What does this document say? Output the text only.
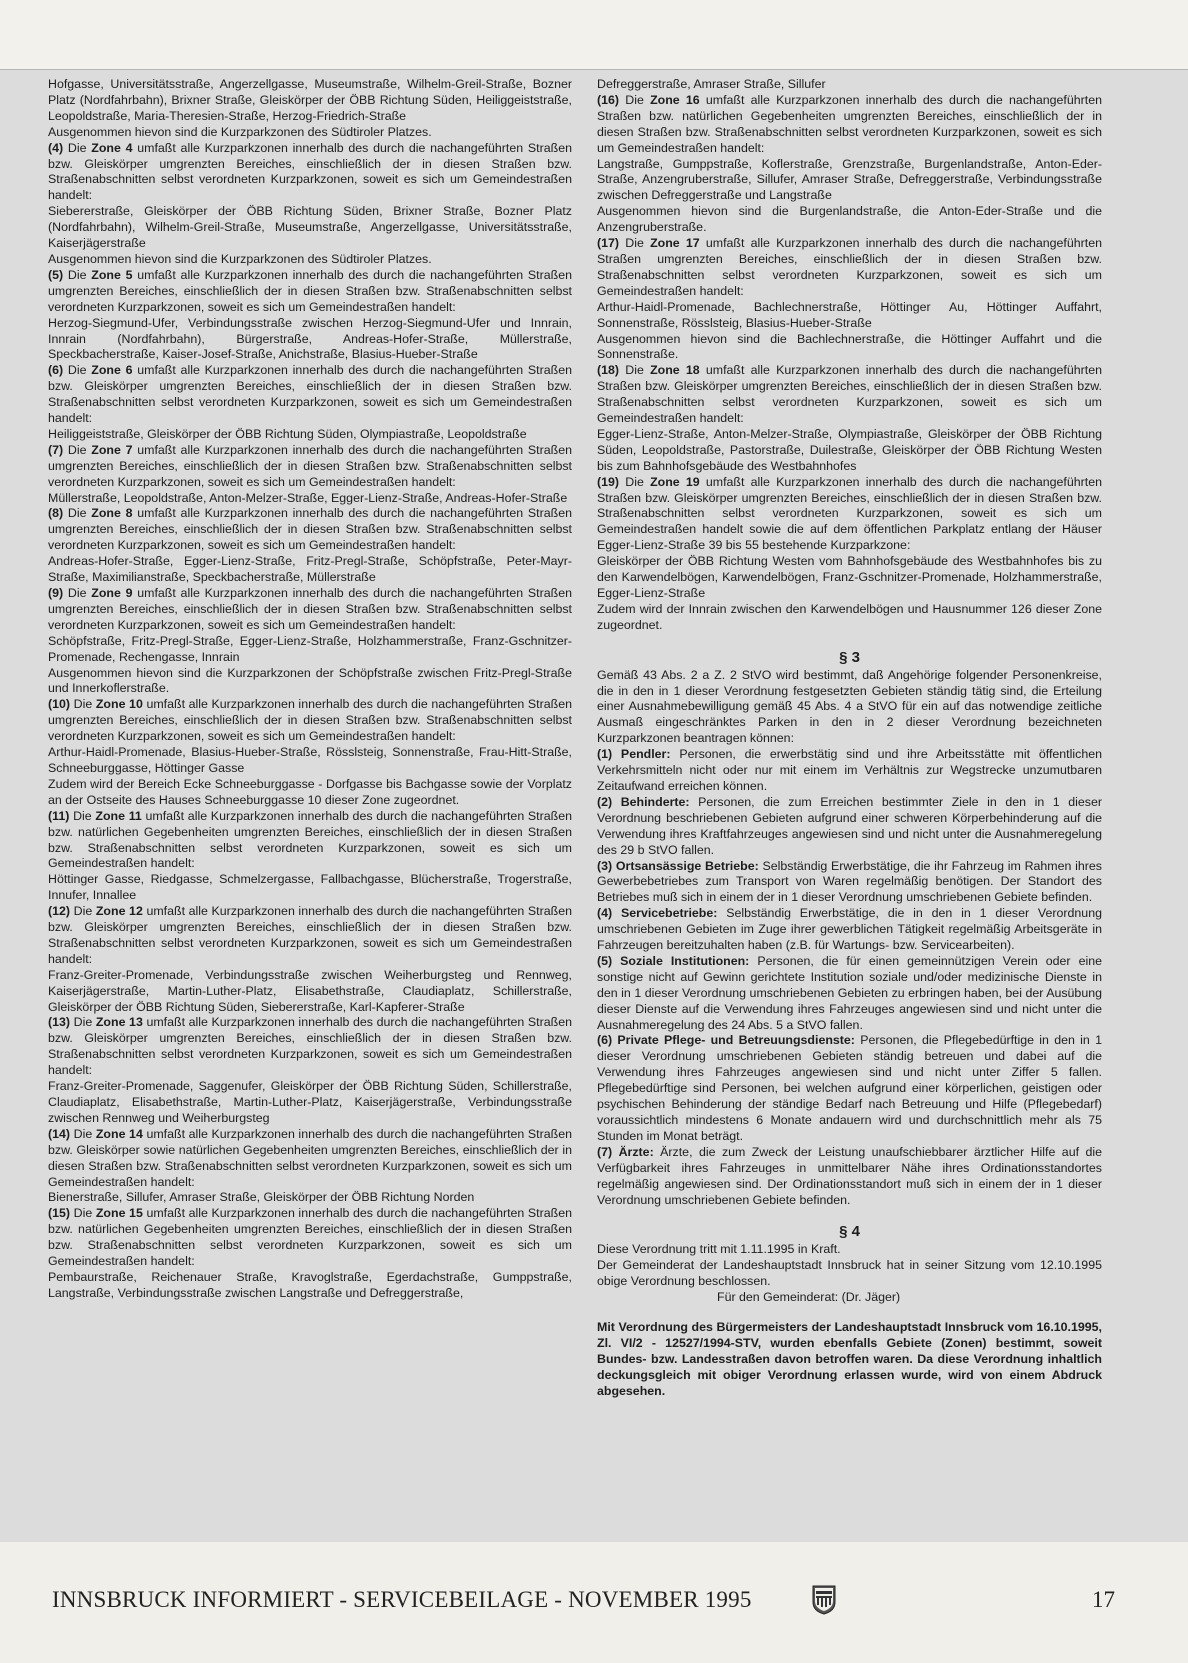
Hofgasse, Universitätsstraße, Angerzellgasse, Museumstraße, Wilhelm-Greil-Straße, Bozner Platz (Nordfahrbahn), Brixner Straße, Gleiskörper der ÖBB Richtung Süden, Heiliggeiststraße, Leopoldstraße, Maria-Theresien-Straße, Herzog-Friedrich-Straße

Ausgenommen hievon sind die Kurzparkzonen des Südtiroler Platzes.

(4) Die Zone 4 umfaßt alle Kurzparkzonen innerhalb des durch die nachangeführten Straßen bzw. Gleiskörper umgrenzten Bereiches, einschließlich der in diesen Straßen bzw. Straßenabschnitten selbst verordneten Kurzparkzonen, soweit es sich um Gemeindestraßen handelt:

Siebererstraße, Gleiskörper der ÖBB Richtung Süden, Brixner Straße, Bozner Platz (Nordfahrbahn), Wilhelm-Greil-Straße, Museumstraße, Angerzellgasse, Universitätsstraße, Kaiserjägerstraße

Ausgenommen hievon sind die Kurzparkzonen des Südtiroler Platzes.

(5) Die Zone 5 umfaßt alle Kurzparkzonen innerhalb des durch die nachangeführten Straßen umgrenzten Bereiches, einschließlich der in diesen Straßen bzw. Straßenabschnitten selbst verordneten Kurzparkzonen, soweit es sich um Gemeindestraßen handelt:

Herzog-Siegmund-Ufer, Verbindungsstraße zwischen Herzog-Siegmund-Ufer und Innrain, Innrain (Nordfahrbahn), Bürgerstraße, Andreas-Hofer-Straße, Müllerstraße, Speckbacherstraße, Kaiser-Josef-Straße, Anichstraße, Blasius-Hueber-Straße

(6) Die Zone 6 umfaßt alle Kurzparkzonen innerhalb des durch die nachangeführten Straßen bzw. Gleiskörper umgrenzten Bereiches, einschließlich der in diesen Straßen bzw. Straßenabschnitten selbst verordneten Kurzparkzonen, soweit es sich um Gemeindestraßen handelt:

Heiliggeiststraße, Gleiskörper der ÖBB Richtung Süden, Olympiastraße, Leopoldstraße

(7) Die Zone 7 umfaßt alle Kurzparkzonen innerhalb des durch die nachangeführten Straßen umgrenzten Bereiches, einschließlich der in diesen Straßen bzw. Straßenabschnitten selbst verordneten Kurzparkzonen, soweit es sich um Gemeindestraßen handelt:

Müllerstraße, Leopoldstraße, Anton-Melzer-Straße, Egger-Lienz-Straße, Andreas-Hofer-Straße

(8) Die Zone 8 umfaßt alle Kurzparkzonen innerhalb des durch die nachangeführten Straßen umgrenzten Bereiches, einschließlich der in diesen Straßen bzw. Straßenabschnitten selbst verordneten Kurzparkzonen, soweit es sich um Gemeindestraßen handelt:

Andreas-Hofer-Straße, Egger-Lienz-Straße, Fritz-Pregl-Straße, Schöpfstraße, Peter-Mayr-Straße, Maximilianstraße, Speckbacherstraße, Müllerstraße

(9) Die Zone 9 umfaßt alle Kurzparkzonen innerhalb des durch die nachangeführten Straßen umgrenzten Bereiches, einschließlich der in diesen Straßen bzw. Straßenabschnitten selbst verordneten Kurzparkzonen, soweit es sich um Gemeindestraßen handelt:

Schöpfstraße, Fritz-Pregl-Straße, Egger-Lienz-Straße, Holzhammerstraße, Franz-Gschnitzer-Promenade, Rechengasse, Innrain

Ausgenommen hievon sind die Kurzparkzonen der Schöpfstraße zwischen Fritz-Pregl-Straße und Innerkoflerstraße.

(10) Die Zone 10 umfaßt alle Kurzparkzonen innerhalb des durch die nachangeführten Straßen umgrenzten Bereiches, einschließlich der in diesen Straßen bzw. Straßenabschnitten selbst verordneten Kurzparkzonen, soweit es sich um Gemeindestraßen handelt:

Arthur-Haidl-Promenade, Blasius-Hueber-Straße, Rösslsteig, Sonnenstraße, Frau-Hitt-Straße, Schneeburggasse, Höttinger Gasse

Zudem wird der Bereich Ecke Schneeburggasse - Dorfgasse bis Bachgasse sowie der Vorplatz an der Ostseite des Hauses Schneeburggasse 10 dieser Zone zugeordnet.

(11) Die Zone 11 umfaßt alle Kurzparkzonen innerhalb des durch die nachangeführten Straßen bzw. natürlichen Gegebenheiten umgrenzten Bereiches, einschließlich der in diesen Straßen bzw. Straßenabschnitten selbst verordneten Kurzparkzonen, soweit es sich um Gemeindestraßen handelt:

Höttinger Gasse, Riedgasse, Schmelzergasse, Fallbachgasse, Blücherstraße, Trogerstraße, Innufer, Innallee

(12) Die Zone 12 umfaßt alle Kurzparkzonen innerhalb des durch die nachangeführten Straßen bzw. Gleiskörper umgrenzten Bereiches, einschließlich der in diesen Straßen bzw. Straßenabschnitten selbst verordneten Kurzparkzonen, soweit es sich um Gemeindestraßen handelt:

Franz-Greiter-Promenade, Verbindungsstraße zwischen Weiherburgsteg und Rennweg, Kaiserjägerstraße, Martin-Luther-Platz, Elisabethstraße, Claudiaplatz, Schillerstraße, Gleiskörper der ÖBB Richtung Süden, Siebererstraße, Karl-Kapferer-Straße

(13) Die Zone 13 umfaßt alle Kurzparkzonen innerhalb des durch die nachangeführten Straßen bzw. Gleiskörper umgrenzten Bereiches, einschließlich der in diesen Straßen bzw. Straßenabschnitten selbst verordneten Kurzparkzonen, soweit es sich um Gemeindestraßen handelt:

Franz-Greiter-Promenade, Saggenufer, Gleiskörper der ÖBB Richtung Süden, Schillerstraße, Claudiaplatz, Elisabethstraße, Martin-Luther-Platz, Kaiserjägerstraße, Verbindungsstraße zwischen Rennweg und Weiherburgsteg

(14) Die Zone 14 umfaßt alle Kurzparkzonen innerhalb des durch die nachangeführten Straßen bzw. Gleiskörper sowie natürlichen Gegebenheiten umgrenzten Bereiches, einschließlich der in diesen Straßen bzw. Straßenabschnitten selbst verordneten Kurzparkzonen, soweit es sich um Gemeindestraßen handelt:

Bienerstraße, Sillufer, Amraser Straße, Gleiskörper der ÖBB Richtung Norden

(15) Die Zone 15 umfaßt alle Kurzparkzonen innerhalb des durch die nachangeführten Straßen bzw. natürlichen Gegebenheiten umgrenzten Bereiches, einschließlich der in diesen Straßen bzw. Straßenabschnitten selbst verordneten Kurzparkzonen, soweit es sich um Gemeindestraßen handelt:

Pembaurstraße, Reichenauer Straße, Kravoglstraße, Egerdachstraße, Gumppstraße, Langstraße, Verbindungsstraße zwischen Langstraße und Defreggerstraße,

Defreggerstraße, Amraser Straße, Sillufer

(16) Die Zone 16 umfaßt alle Kurzparkzonen innerhalb des durch die nachangeführten Straßen bzw. natürlichen Gegebenheiten umgrenzten Bereiches, einschließlich der in diesen Straßen bzw. Straßenabschnitten selbst verordneten Kurzparkzonen, soweit es sich um Gemeindestraßen handelt:

Langstraße, Gumppstraße, Koflerstraße, Grenzstraße, Burgenlandstraße, Anton-Eder-Straße, Anzengruberstraße, Sillufer, Amraser Straße, Defreggerstraße, Verbindungsstraße zwischen Defreggerstraße und Langstraße

Ausgenommen hievon sind die Burgenlandstraße, die Anton-Eder-Straße und die Anzengruberstraße.

(17) Die Zone 17 umfaßt alle Kurzparkzonen innerhalb des durch die nachangeführten Straßen umgrenzten Bereiches, einschließlich der in diesen Straßen bzw. Straßenabschnitten selbst verordneten Kurzparkzonen, soweit es sich um Gemeindestraßen handelt:

Arthur-Haidl-Promenade, Bachlechnerstraße, Höttinger Au, Höttinger Auffahrt, Sonnenstraße, Rösslsteig, Blasius-Hueber-Straße

Ausgenommen hievon sind die Bachlechnerstraße, die Höttinger Auffahrt und die Sonnenstraße.

(18) Die Zone 18 umfaßt alle Kurzparkzonen innerhalb des durch die nachangeführten Straßen bzw. Gleiskörper umgrenzten Bereiches, einschließlich der in diesen Straßen bzw. Straßenabschnitten selbst verordneten Kurzparkzonen, soweit es sich um Gemeindestraßen handelt:

Egger-Lienz-Straße, Anton-Melzer-Straße, Olympiastraße, Gleiskörper der ÖBB Richtung Süden, Leopoldstraße, Pastorstraße, Duilestraße, Gleiskörper der ÖBB Richtung Westen bis zum Bahnhofsgebäude des Westbahnhofes

(19) Die Zone 19 umfaßt alle Kurzparkzonen innerhalb des durch die nachangeführten Straßen bzw. Gleiskörper umgrenzten Bereiches, einschließlich der in diesen Straßen bzw. Straßenabschnitten selbst verordneten Kurzparkzonen, soweit es sich um Gemeindestraßen handelt sowie die auf dem öffentlichen Parkplatz entlang der Häuser Egger-Lienz-Straße 39 bis 55 bestehende Kurzparkzone:

Gleiskörper der ÖBB Richtung Westen vom Bahnhofsgebäude des Westbahnhofes bis zu den Karwendelbögen, Karwendelbögen, Franz-Gschnitzer-Promenade, Holzhammerstraße, Egger-Lienz-Straße

Zudem wird der Innrain zwischen den Karwendelbögen und Hausnummer 126 dieser Zone zugeordnet.

§ 3

Gemäß 43 Abs. 2 a Z. 2 StVO wird bestimmt, daß Angehörige folgender Personenkreise, die in den in 1 dieser Verordnung festgesetzten Gebieten ständig tätig sind, die Erteilung einer Ausnahmebewilligung gemäß 45 Abs. 4 a StVO für ein auf das notwendige zeitliche Ausmaß eingeschränktes Parken in den in 2 dieser Verordnung bezeichneten Kurzparkzonen beantragen können:

(1) Pendler: Personen, die erwerbstätig sind und ihre Arbeitsstätte mit öffentlichen Verkehrsmitteln nicht oder nur mit einem im Verhältnis zur Wegstrecke unzumutbaren Zeitaufwand erreichen können.

(2) Behinderte: Personen, die zum Erreichen bestimmter Ziele in den in 1 dieser Verordnung beschriebenen Gebieten aufgrund einer schweren Körperbehinderung auf die Verwendung ihres Kraftfahrzeuges angewiesen sind und nicht unter die Ausnahmeregelung des 29 b StVO fallen.

(3) Ortsansässige Betriebe: Selbständig Erwerbstätige, die ihr Fahrzeug im Rahmen ihres Gewerbebetriebes zum Transport von Waren regelmäßig benötigen. Der Standort des Betriebes muß sich in einem der in 1 dieser Verordnung umschriebenen Gebiete befinden.

(4) Servicebetriebe: Selbständig Erwerbstätige, die in den in 1 dieser Verordnung umschriebenen Gebieten im Zuge ihrer gewerblichen Tätigkeit regelmäßig Arbeitsgeräte in Fahrzeugen bereitzuhalten haben (z.B. für Wartungs- bzw. Servicearbeiten).

(5) Soziale Institutionen: Personen, die für einen gemeinnützigen Verein oder eine sonstige nicht auf Gewinn gerichtete Institution soziale und/oder medizinische Dienste in den in 1 dieser Verordnung umschriebenen Gebieten zu erbringen haben, bei der Ausübung dieser Dienste auf die Verwendung ihres Fahrzeuges angewiesen sind und nicht unter die Ausnahmeregelung des 24 Abs. 5 a StVO fallen.

(6) Private Pflege- und Betreuungsdienste: Personen, die Pflegebedürftige in den in 1 dieser Verordnung umschriebenen Gebieten ständig betreuen und dabei auf die Verwendung ihres Fahrzeuges angewiesen sind und nicht unter Ziffer 5 fallen. Pflegebedürftige sind Personen, bei welchen aufgrund einer körperlichen, geistigen oder psychischen Behinderung der ständige Bedarf nach Betreuung und Hilfe (Pflegebedarf) voraussichtlich mindestens 6 Monate andauern wird und durchschnittlich mehr als 75 Stunden im Monat beträgt.

(7) Ärzte: Ärzte, die zum Zweck der Leistung unaufschiebbarer ärztlicher Hilfe auf die Verfügbarkeit ihres Fahrzeuges in unmittelbarer Nähe ihres Ordinationsstandortes regelmäßig angewiesen sind. Der Ordinationsstandort muß sich in einem der in 1 dieser Verordnung umschriebenen Gebiete befinden.

§ 4

Diese Verordnung tritt mit 1.11.1995 in Kraft.

Der Gemeinderat der Landeshauptstadt Innsbruck hat in seiner Sitzung vom 12.10.1995 obige Verordnung beschlossen.

Für den Gemeinderat: (Dr. Jäger)

Mit Verordnung des Bürgermeisters der Landeshauptstadt Innsbruck vom 16.10.1995, Zl. VI/2 - 12527/1994-STV, wurden ebenfalls Gebiete (Zonen) bestimmt, soweit Bundes- bzw. Landesstraßen davon betroffen waren. Da diese Verordnung inhaltlich deckungsgleich mit obiger Verordnung erlassen wurde, wird von einem Abdruck abgesehen.

INNSBRUCK INFORMIERT - SERVICEBEILAGE - NOVEMBER 1995	17
